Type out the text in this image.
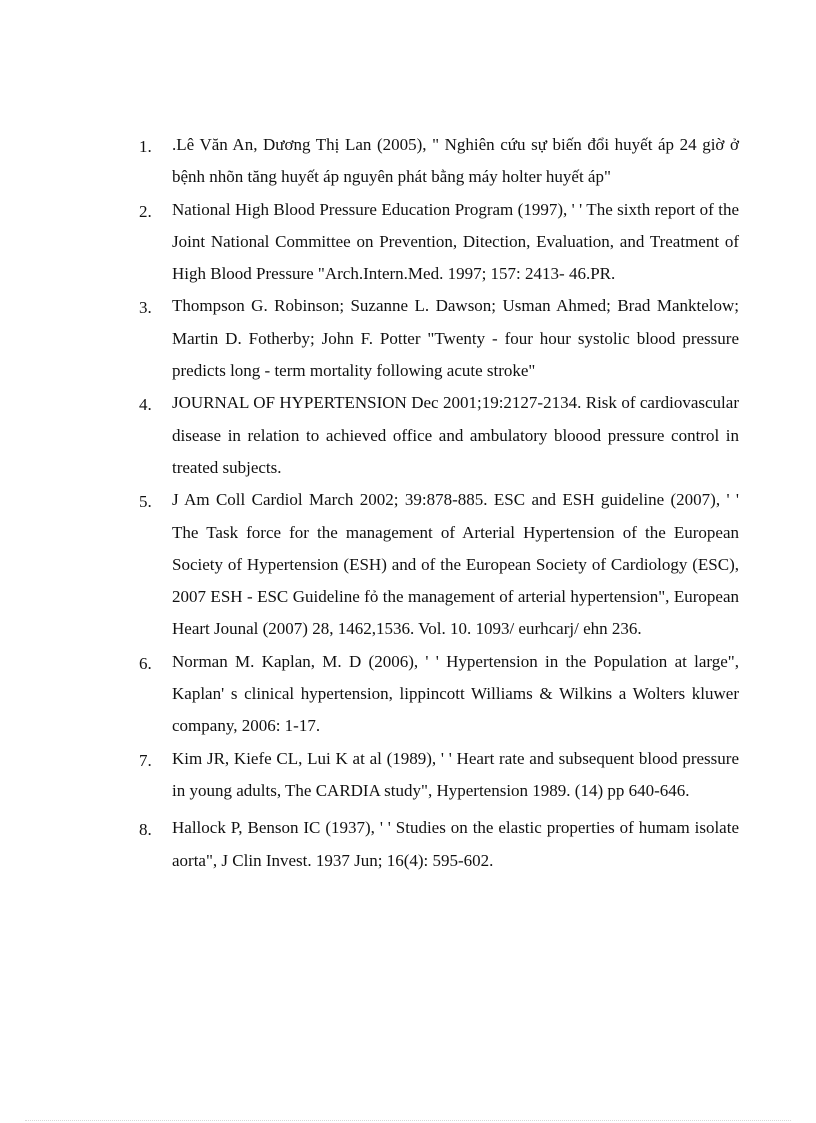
1.	.Lê Văn An, Dương Thị Lan (2005), " Nghiên cứu sự biến đổi huyết áp 24 giờ ở bệnh nhõn tăng huyết áp nguyên phát bằng máy holter huyết áp"
2.	National High Blood Pressure Education Program (1997), ' ' The sixth report of the Joint National Committee on Prevention, Ditection, Evaluation, and Treatment of High Blood Pressure "Arch.Intern.Med. 1997; 157: 2413- 46.PR.
3.	Thompson G. Robinson; Suzanne L. Dawson; Usman Ahmed; Brad Manktelow; Martin D. Fotherby; John F. Potter "Twenty - four hour systolic blood pressure predicts long - term mortality following acute stroke"
4.	JOURNAL OF HYPERTENSION Dec 2001;19:2127-2134. Risk of cardiovascular disease in relation to achieved office and ambulatory bloood pressure control in treated subjects.
5.	J Am Coll Cardiol March 2002; 39:878-885. ESC and ESH guideline (2007), ' ' The Task force for the management of Arterial Hypertension of the European Society of Hypertension (ESH) and of the European Society of Cardiology (ESC), 2007 ESH - ESC Guideline fỏ the management of arterial hypertension", European Heart Jounal (2007) 28, 1462,1536. Vol. 10. 1093/ eurhcarj/ ehn 236.
6.	Norman M. Kaplan, M. D (2006), ' ' Hypertension in the Population at large", Kaplan' s clinical hypertension, lippincott Williams & Wilkins a Wolters kluwer company, 2006: 1-17.
7.	Kim JR, Kiefe CL, Lui K at al (1989), ' ' Heart rate and subsequent blood pressure in young adults, The CARDIA study", Hypertension 1989. (14) pp 640-646.
8.	Hallock P, Benson IC (1937), ' ' Studies on the elastic properties of humam isolate aorta", J Clin Invest. 1937 Jun; 16(4): 595-602.
